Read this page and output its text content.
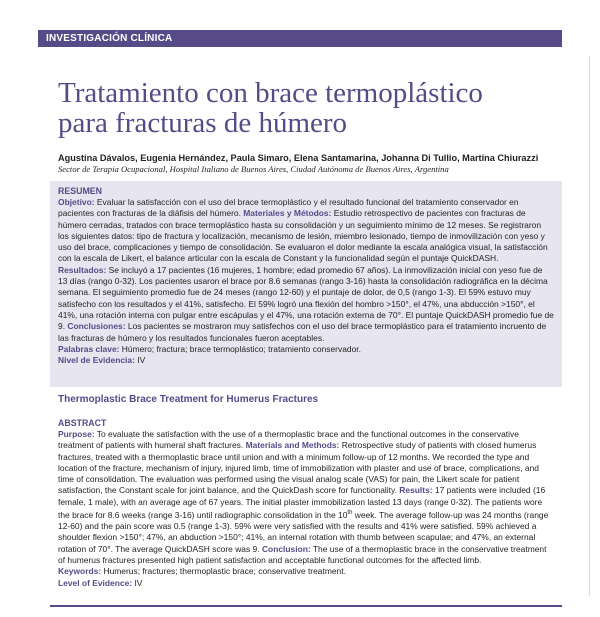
INVESTIGACIÓN CLÍNICA
Tratamiento con brace termoplástico
para fracturas de húmero
Agustina Dávalos, Eugenia Hernández, Paula Simaro, Elena Santamarina, Johanna Di Tullio, Martina Chiurazzi
Sector de Terapia Ocupacional, Hospital Italiano de Buenos Aires, Ciudad Autónoma de Buenos Aires, Argentina
RESUMEN

Objetivo: Evaluar la satisfacción con el uso del brace termoplástico y el resultado funcional del tratamiento conservador en pacientes con fracturas de la diáfisis del húmero. Materiales y Métodos: Estudio retrospectivo de pacientes con fracturas de húmero cerradas, tratados con brace termoplástico hasta su consolidación y un seguimiento mínimo de 12 meses. Se registraron los siguientes datos: tipo de fractura y localización, mecanismo de lesión, miembro lesionado, tiempo de inmovilización con yeso y uso del brace, complicaciones y tiempo de consolidación. Se evaluaron el dolor mediante la escala analógica visual, la satisfacción con la escala de Likert, el balance articular con la escala de Constant y la funcionalidad según el puntaje QuickDASH.

Resultados: Se incluyó a 17 pacientes (16 mujeres, 1 hombre; edad promedio 67 años). La inmovilización inicial con yeso fue de 13 días (rango 0-32). Los pacientes usaron el brace por 8.6 semanas (rango 3-16) hasta la consolidación radiográfica en la décima semana. El seguimiento promedio fue de 24 meses (rango 12-60) y el puntaje de dolor, de 0,5 (rango 1-3). El 59% estuvo muy satisfecho con los resultados y el 41%, satisfecho. El 59% logró una flexión del hombro >150°, el 47%, una abducción >150°, el 41%, una rotación interna con pulgar entre escápulas y el 47%, una rotación externa de 70°. El puntaje QuickDASH promedio fue de 9. Conclusiones: Los pacientes se mostraron muy satisfechos con el uso del brace termoplástico para el tratamiento incruento de las fracturas de húmero y los resultados funcionales fueron aceptables.

Palabras clave: Húmero; fractura; brace termoplástico; tratamiento conservador.

Nivel de Evidencia: IV

Thermoplastic Brace Treatment for Humerus Fractures
ABSTRACT

Purpose: To evaluate the satisfaction with the use of a thermoplastic brace and the functional outcomes in the conservative treatment of patients with humeral shaft fractures. Materials and Methods: Retrospective study of patients with closed humerus fractures, treated with a thermoplastic brace until union and with a minimum follow-up of 12 months. We recorded the type and location of the fracture, mechanism of injury, injured limb, time of immobilization with plaster and use of brace, complications, and time of consolidation. The evaluation was performed using the visual analog scale (VAS) for pain, the Likert scale for patient satisfaction, the Constant scale for joint balance, and the QuickDash score for functionality. Results: 17 patients were included (16 female, 1 male), with an average age of 67 years. The initial plaster immobilization lasted 13 days (range 0-32). The patients wore the brace for 8.6 weeks (range 3-16) until radiographic consolidation in the 10th week. The average follow-up was 24 months (range 12-60) and the pain score was 0.5 (range 1-3). 59% were very satisfied with the results and 41% were satisfied. 59% achieved a shoulder flexion >150°; 47%, an abduction >150°; 41%, an internal rotation with thumb between scapulae; and 47%, an external rotation of 70°. The average QuickDASH score was 9. Conclusion: The use of a thermoplastic brace in the conservative treatment of humerus fractures presented high patient satisfaction and acceptable functional outcomes for the affected limb.

Keywords: Humerus; fractures; thermoplastic brace; conservative treatment.

Level of Evidence: IV
